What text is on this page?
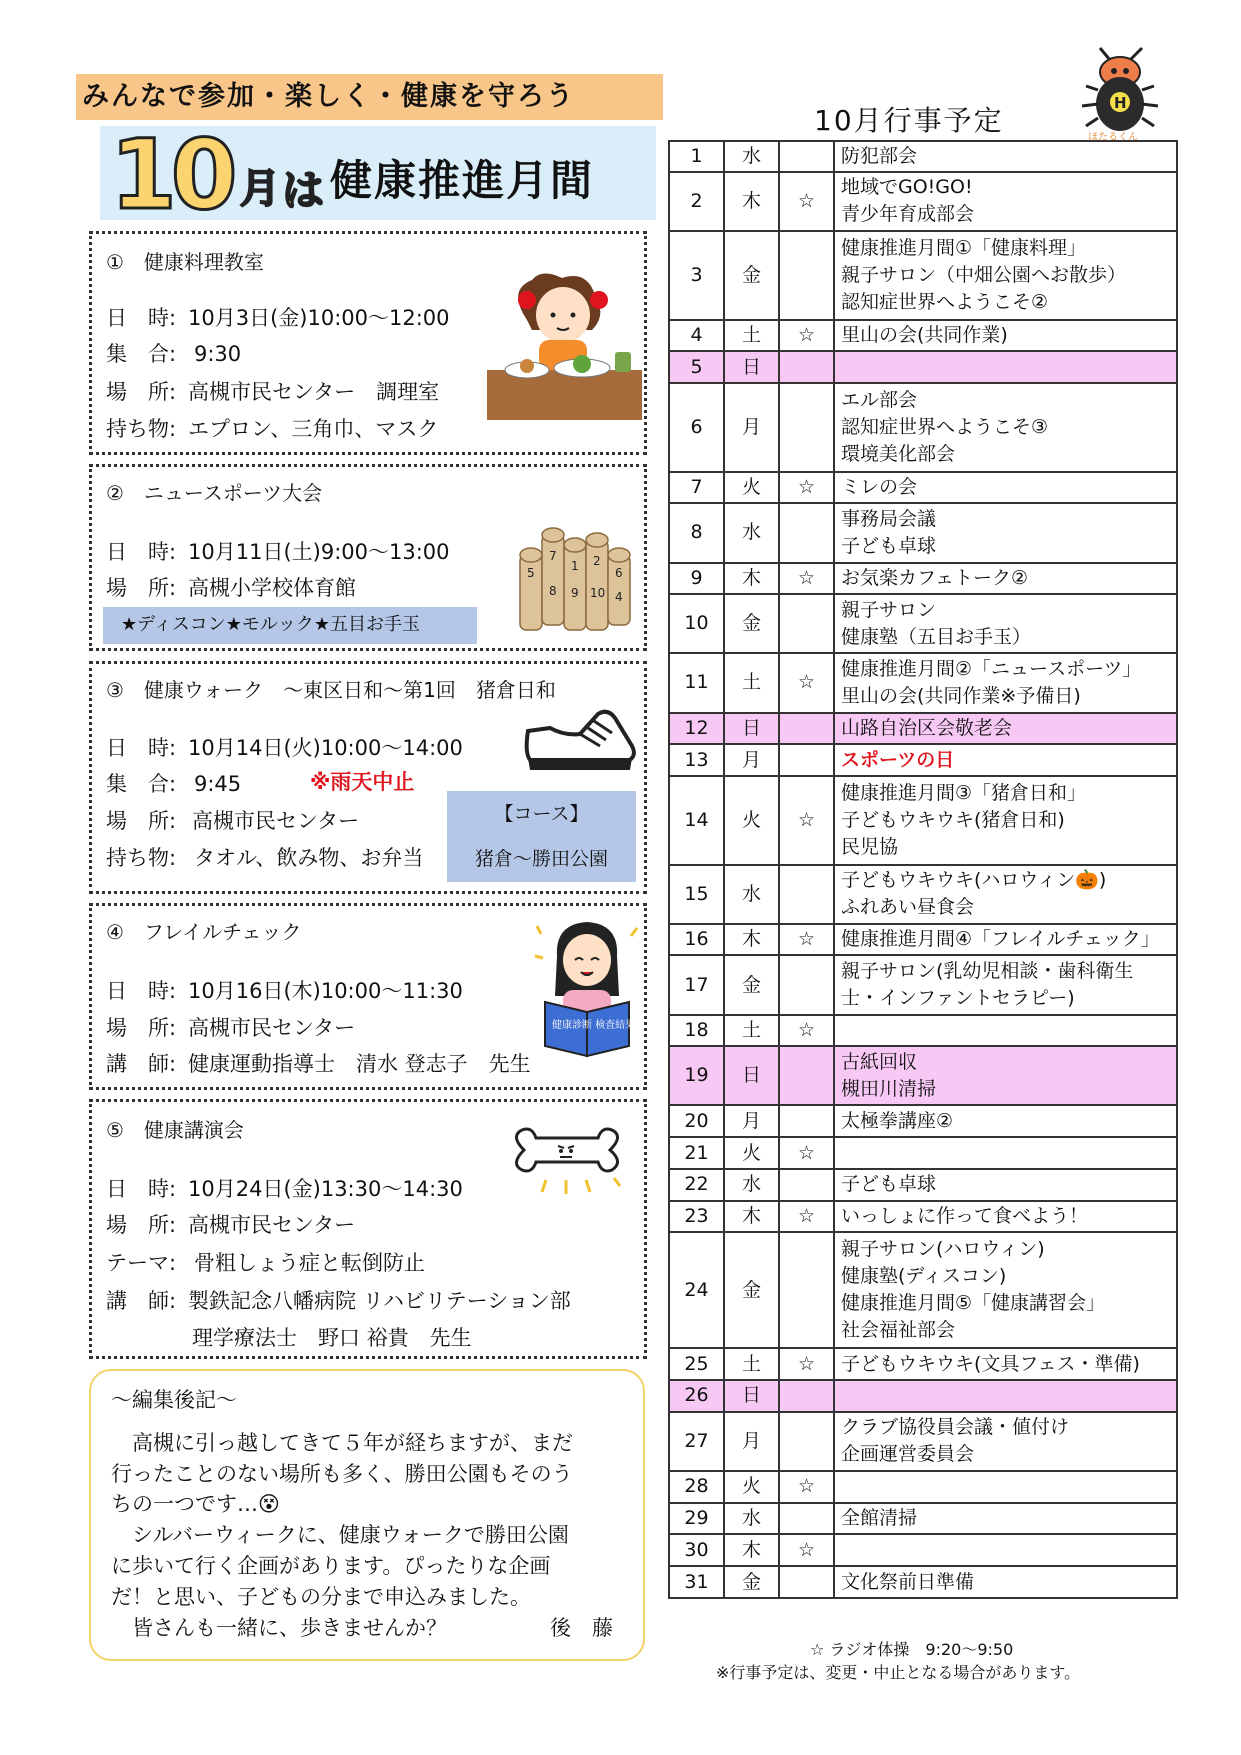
みんなで参加・楽しく・健康を守ろう
10 月 は 健康推進月間
①　健康料理教室
日　時: 10月3日(金)10:00～12:00
集　合: 9:30
場　所: 高槻市民センター　調理室
持ち物: エプロン、三角巾、マスク
②　ニュースポーツ大会
日　時: 10月11日(土)9:00～13:00
場　所: 高槻小学校体育館
★ディスコン★モルック★五目お手玉
5
7
1 2
6
8 9 10 4
③　健康ウォーク　～東区日和～第1回　猪倉日和
日　時: 10月14日(火)10:00～14:00
集　合: 9:45	※雨天中止
場　所: 高槻市民センター
持ち物: タオル、飲み物、お弁当
【コース】
猪倉～勝田公園
④　フレイルチェック
日　時: 10月16日(木)10:00～11:30
場　所: 高槻市民センター
講　師: 健康運動指導士　清水 登志子　先生
健康診断 検査結果
⑤　健康講演会
日　時: 10月24日(金)13:30～14:30
場　所: 高槻市民センター
テーマ: 骨粗しょう症と転倒防止
講　師: 製鉄記念八幡病院 リハビリテーション部
理学療法士　野口 裕貴　先生
～編集後記～
　高槻に引っ越してきて５年が経ちますが、まだ
行ったことのない場所も多く、勝田公園もそのう
ちの一つです…😵
　シルバーウィークに、健康ウォークで勝田公園
に歩いて行く企画があります。ぴったりな企画
だ！と思い、子どもの分まで申込みました。
　皆さんも一緒に、歩きませんか？	後　藤
10月行事予定
H
ほたるくん
1	水		防犯部会

2	木	☆	地域でGO!GO!
青少年育成部会

3	金		健康推進月間①「健康料理」
親子サロン（中畑公園へお散歩）
認知症世界へようこそ②

4	土	☆	里山の会(共同作業)

5	日		
6	月		エル部会
認知症世界へようこそ③
環境美化部会

7	火	☆	ミレの会

8	水		事務局会議
子ども卓球

9	木	☆	お気楽カフェトーク②

10	金		親子サロン
健康塾（五目お手玉）

11	土	☆	健康推進月間②「ニュースポーツ」
里山の会(共同作業※予備日)

12	日		山路自治区会敬老会

13	月		スポーツの日

14	火	☆	健康推進月間③「猪倉日和」
子どもウキウキ(猪倉日和)
民児協

15	水		子どもウキウキ(ハロウィン🎃)
ふれあい昼食会

16	木	☆	健康推進月間④「フレイルチェック」

17	金		親子サロン(乳幼児相談・歯科衛生
士・インファントセラピー)

18	土	☆	
19	日		古紙回収
槻田川清掃

20	月		太極拳講座②

21	火	☆	
22	水		子ども卓球

23	木	☆	いっしょに作って食べよう！

24	金		親子サロン(ハロウィン)
健康塾(ディスコン)
健康推進月間⑤「健康講習会」
社会福祉部会

25	土	☆	子どもウキウキ(文具フェス・準備)

26	日		
27	月		クラブ協役員会議・値付け
企画運営委員会

28	火	☆	
29	水		全館清掃

30	木	☆	
31	金		文化祭前日準備
☆ ラジオ体操　9:20～9:50
※行事予定は、変更・中止となる場合があります。
